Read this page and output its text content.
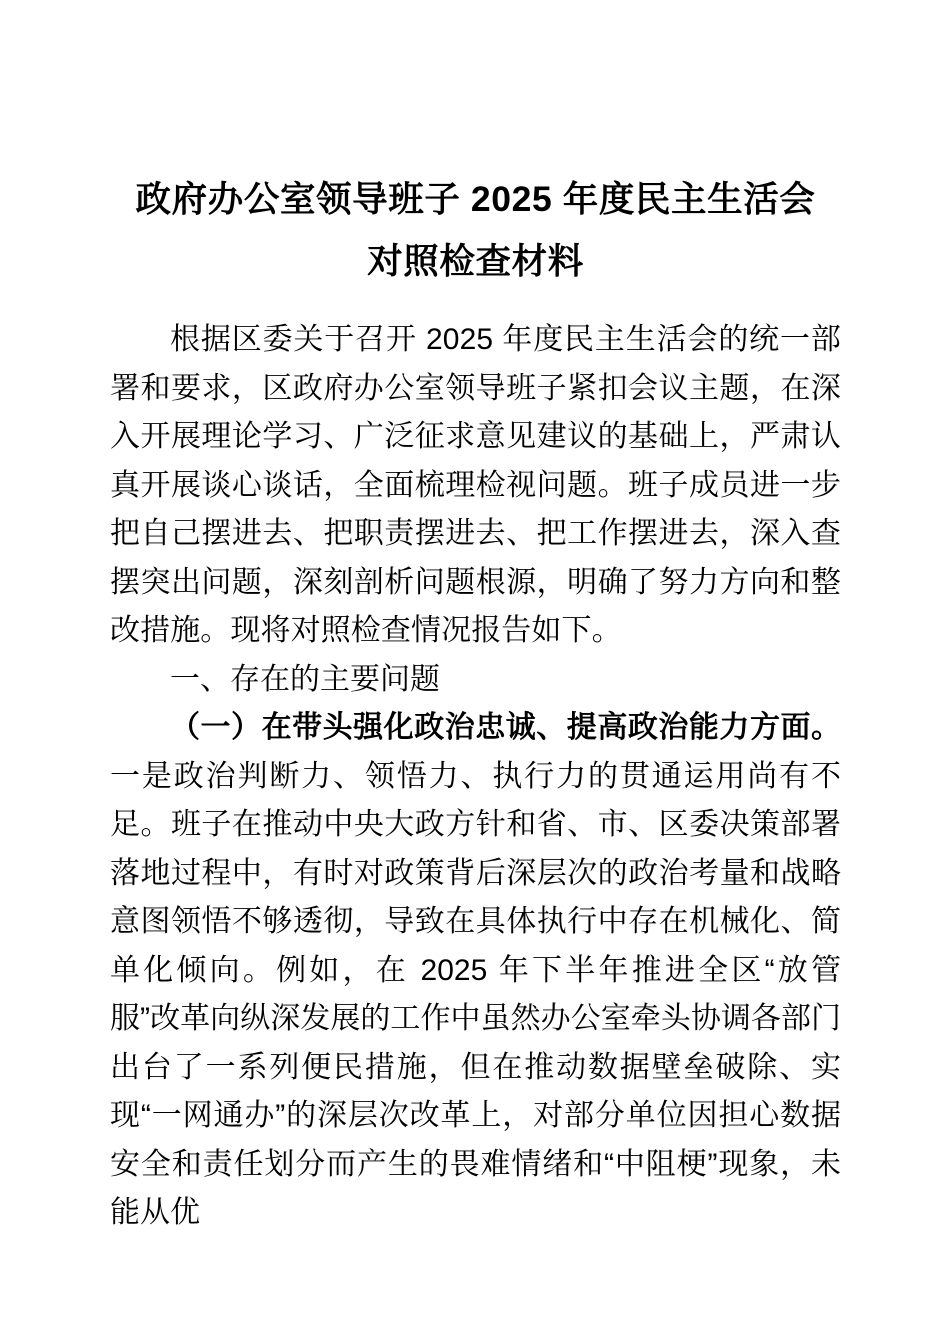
政府办公室领导班子 2025 年度民主生活会
对照检查材料

根据区委关于召开 2025 年度民主生活会的统一部署和要求，区政府办公室领导班子紧扣会议主题，在深入开展理论学习、广泛征求意见建议的基础上，严肃认真开展谈心谈话，全面梳理检视问题。班子成员进一步把自己摆进去、把职责摆进去、把工作摆进去，深入查摆突出问题，深刻剖析问题根源，明确了努力方向和整改措施。现将对照检查情况报告如下。

一、存在的主要问题

（一）在带头强化政治忠诚、提高政治能力方面。一是政治判断力、领悟力、执行力的贯通运用尚有不足。班子在推动中央大政方针和省、市、区委决策部署落地过程中，有时对政策背后深层次的政治考量和战略意图领悟不够透彻，导致在具体执行中存在机械化、简单化倾向。例如，在 2025 年下半年推进全区“放管服”改革向纵深发展的工作中虽然办公室牵头协调各部门出台了一系列便民措施，但在推动数据壁垒破除、实现“一网通办”的深层次改革上，对部分单位因担心数据安全和责任划分而产生的畏难情绪和“中阻梗”现象，未能从优
